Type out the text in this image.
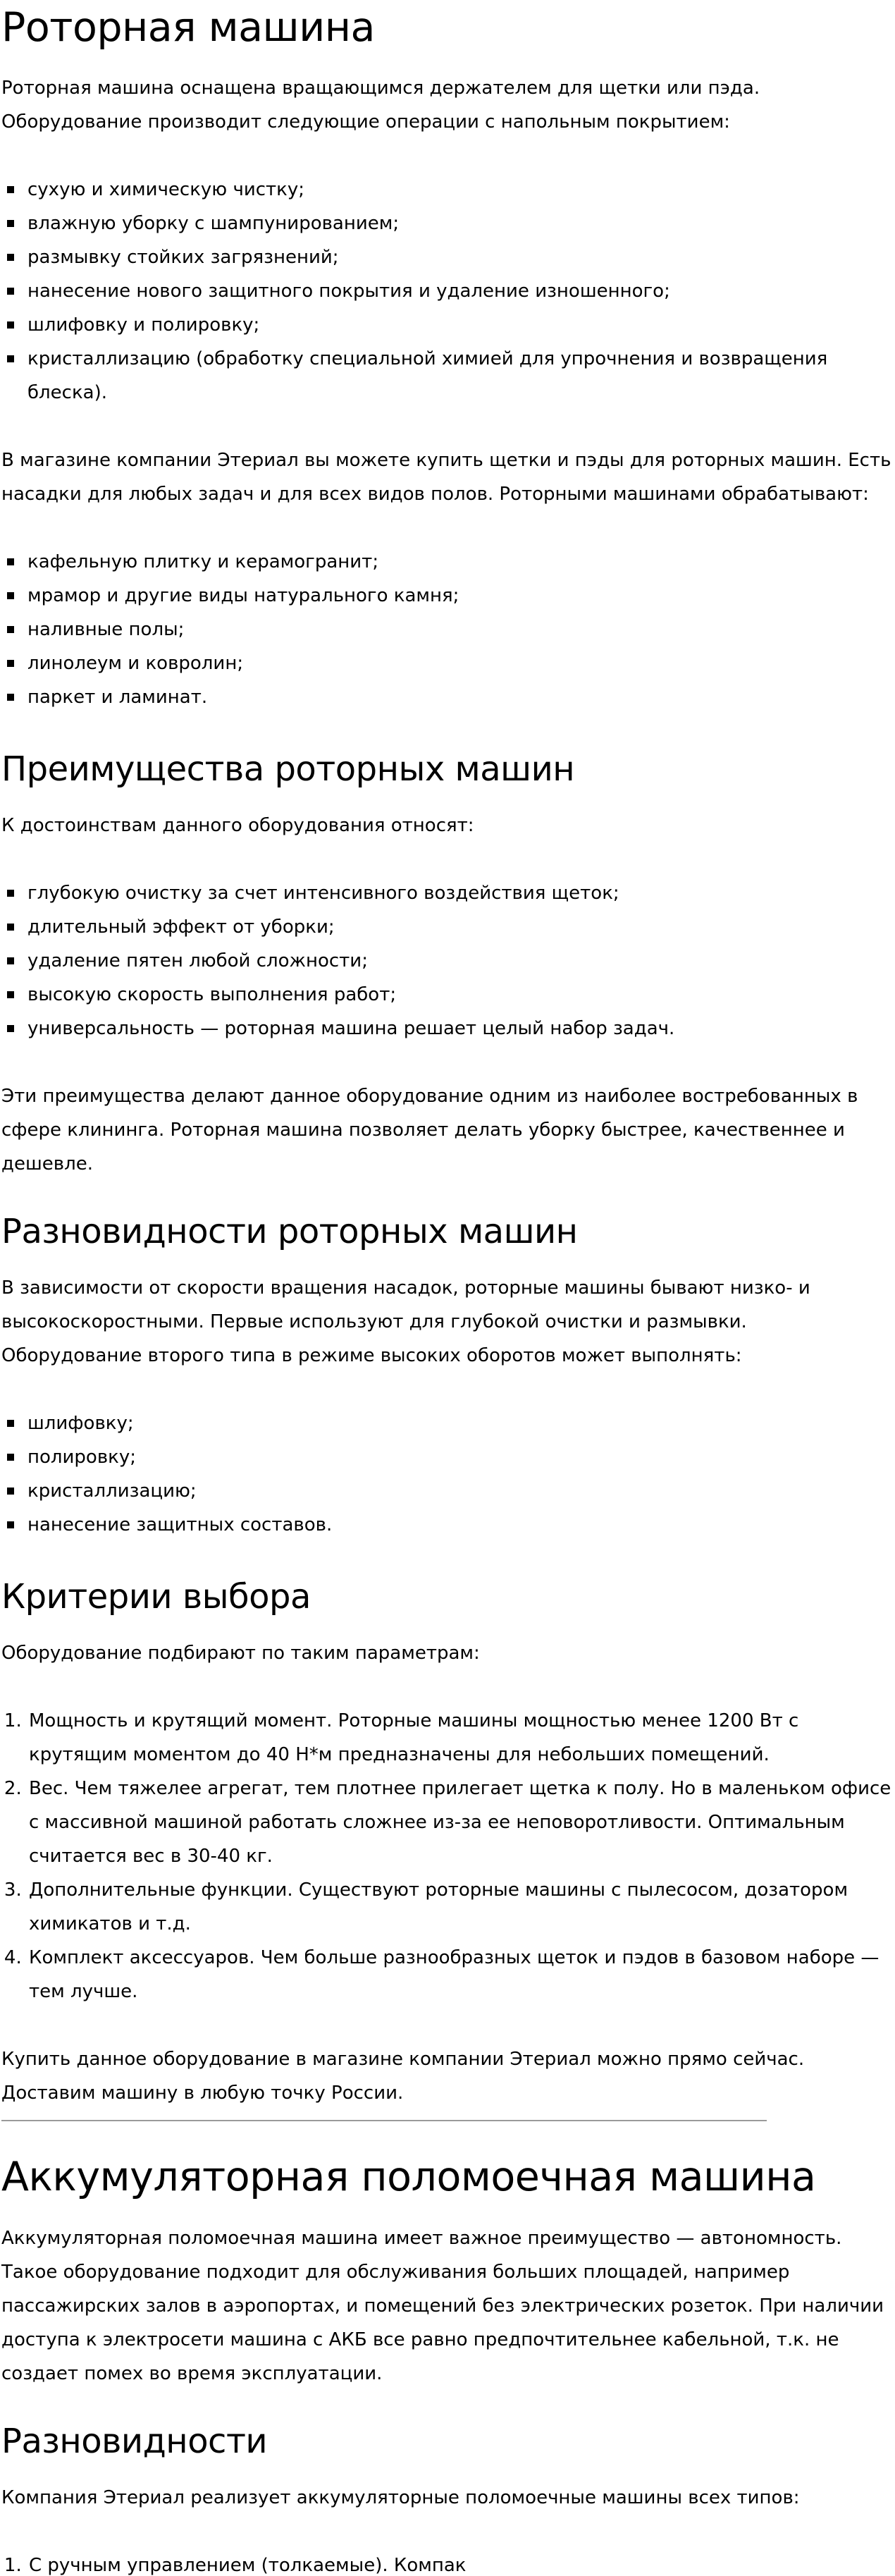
Роторная машина

Роторная машина оснащена вращающимся держателем для щетки или пэда.

Оборудование производит следующие операции с напольным покрытием:

сухую и химическую чистку;
влажную уборку с шампунированием;
размывку стойких загрязнений;
нанесение нового защитного покрытия и удаление изношенного;
шлифовку и полировку;
кристаллизацию (обработку специальной химией для упрочнения и возвращения блеска).

В магазине компании Этериал вы можете купить щетки и пэды для роторных машин. Есть насадки для любых задач и для всех видов полов. Роторными машинами обрабатывают:

кафельную плитку и керамогранит;
мрамор и другие виды натурального камня;
наливные полы;
линолеум и ковролин;
паркет и ламинат.
Преимущества роторных машин

К достоинствам данного оборудования относят:

глубокую очистку за счет интенсивного воздействия щеток;
длительный эффект от уборки;
удаление пятен любой сложности;
высокую скорость выполнения работ;
универсальность — роторная машина решает целый набор задач.

Эти преимущества делают данное оборудование одним из наиболее востребованных в сфере клининга. Роторная машина позволяет делать уборку быстрее, качественнее и дешевле.

Разновидности роторных машин

В зависимости от скорости вращения насадок, роторные машины бывают низко- и высокоскоростными. Первые используют для глубокой очистки и размывки. Оборудование второго типа в режиме высоких оборотов может выполнять:

шлифовку;
полировку;
кристаллизацию;
нанесение защитных составов.
Критерии выбора

Оборудование подбирают по таким параметрам:

1. Мощность и крутящий момент. Роторные машины мощностью менее 1200 Вт с крутящим моментом до 40 Н*м предназначены для небольших помещений.
2. Вес. Чем тяжелее агрегат, тем плотнее прилегает щетка к полу. Но в маленьком офисе с массивной машиной работать сложнее из-за ее неповоротливости. Оптимальным считается вес в 30-40 кг.
3. Дополнительные функции. Существуют роторные машины с пылесосом, дозатором химикатов и т.д.
4. Комплект аксессуаров. Чем больше разнообразных щеток и пэдов в базовом наборе — тем лучше.

Купить данное оборудование в магазине компании Этериал можно прямо сейчас.

Доставим машину в любую точку России.

Аккумуляторная поломоечная машина

Аккумуляторная поломоечная машина имеет важное преимущество — автономность. Такое оборудование подходит для обслуживания больших площадей, например пассажирских залов в аэропортах, и помещений без электрических розеток. При наличии доступа к электросети машина с АКБ все равно предпочтительнее кабельной, т.к. не создает помех во время эксплуатации.

Разновидности

Компания Этериал реализует аккумуляторные поломоечные машины всех типов:

1. С ручным управлением (толкаемые). Компак
